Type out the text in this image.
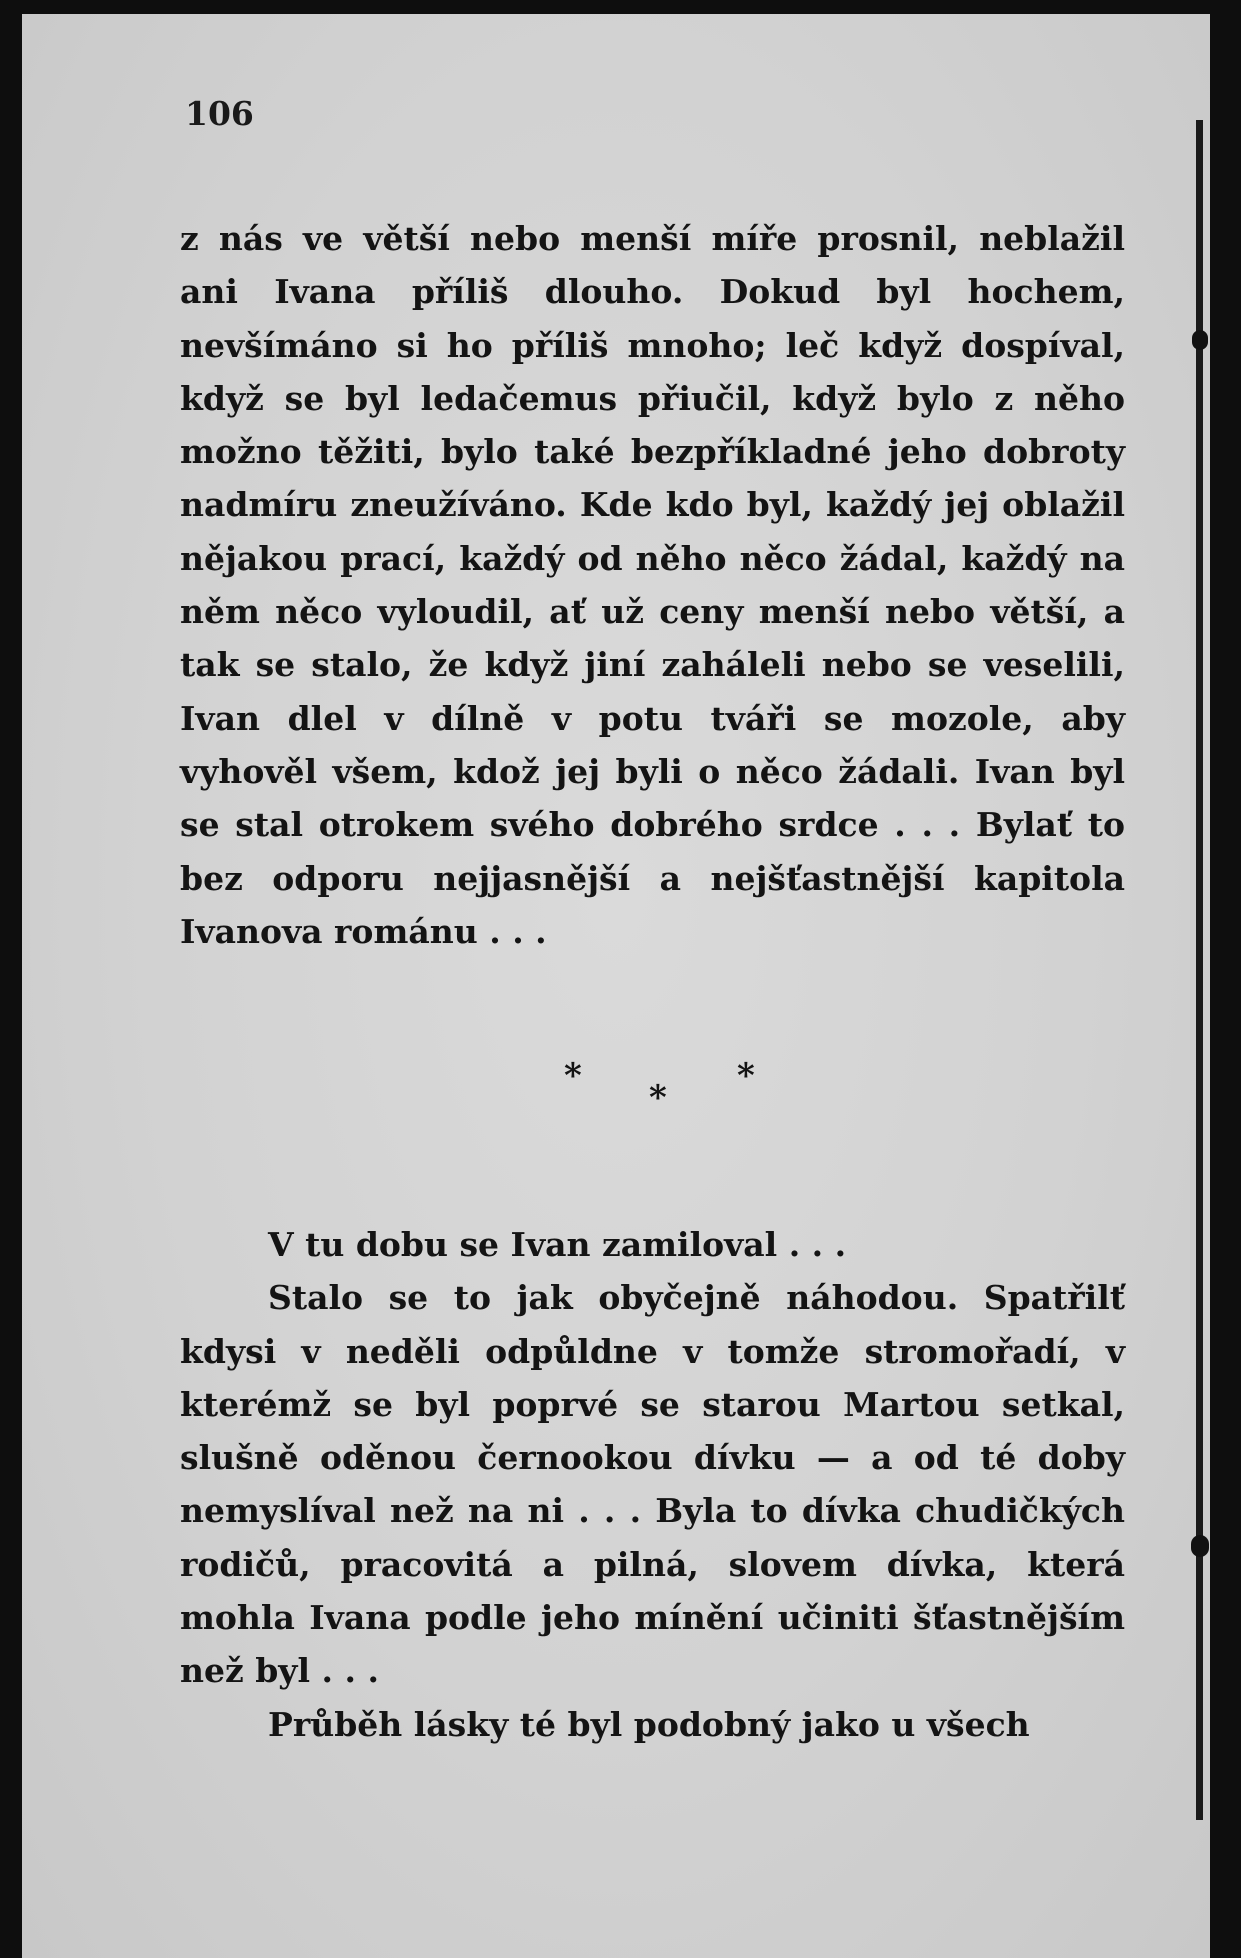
106

z nás ve větší nebo menší míře prosnil, neblažil ani Ivana příliš dlouho. Dokud byl hochem, nevšímáno si ho příliš mnoho; leč když dospíval, když se byl ledačemus přiučil, když bylo z něho možno těžiti, bylo také bezpříkladné jeho dobroty nadmíru zneužíváno. Kde kdo byl, každý jej oblažil nějakou prací, každý od něho něco žádal, každý na něm něco vyloudil, ať už ceny menší nebo větší, a tak se stalo, že když jiní zaháleli nebo se veselili, Ivan dlel v dílně v potu tváři se mozole, aby vyhověl všem, kdož jej byli o něco žádali. Ivan byl se stal otrokem svého dobrého srdce . . . Bylať to bez odporu nejjasnější a nejšťastnější kapitola Ivanova románu . . .

*
*
*

V tu dobu se Ivan zamiloval . . .

Stalo se to jak obyčejně náhodou. Spatřilť kdysi v neděli odpůldne v tomže stromořadí, v kterémž se byl poprvé se starou Martou setkal, slušně oděnou černookou dívku — a od té doby nemyslíval než na ni . . . Byla to dívka chudičkých rodičů, pracovitá a pilná, slovem dívka, která mohla Ivana podle jeho mínění učiniti šťastnějším než byl . . .

Průběh lásky té byl podobný jako u všech
